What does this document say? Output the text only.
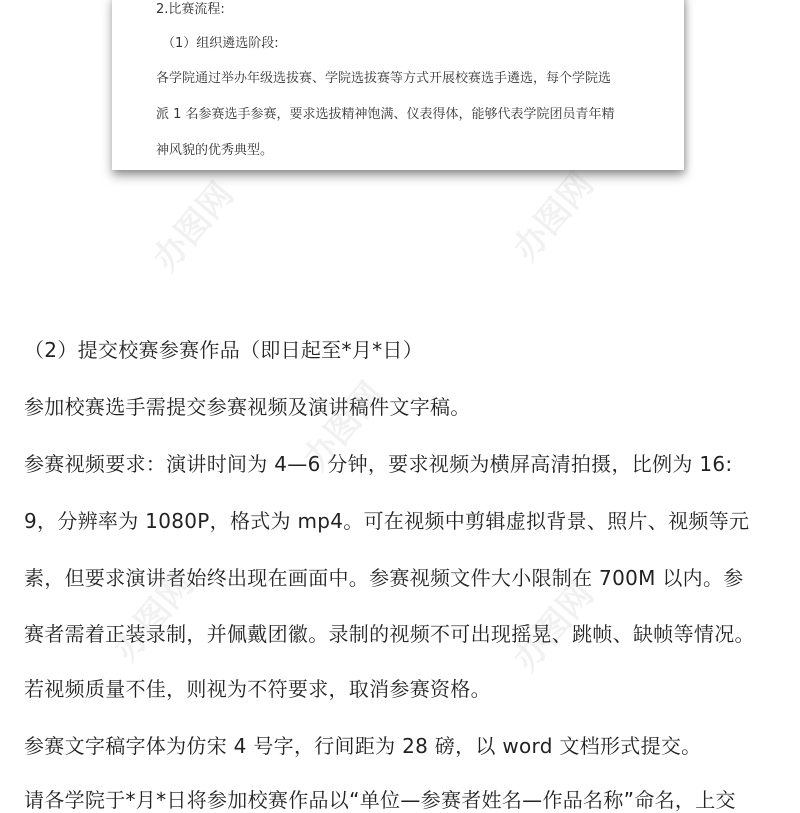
2.比赛流程:

（1）组织遴选阶段:

各学院通过举办年级选拔赛、学院选拔赛等方式开展校赛选手遴选，每个学院选

派 1 名参赛选手参赛，要求选拔精神饱满、仪表得体，能够代表学院团员青年精

神风貌的优秀典型。

（2）提交校赛参赛作品（即日起至*月*日）

参加校赛选手需提交参赛视频及演讲稿件文字稿。

参赛视频要求：演讲时间为 4—6 分钟，要求视频为横屏高清拍摄，比例为 16:

9，分辨率为 1080P，格式为 mp4。可在视频中剪辑虚拟背景、照片、视频等元

素，但要求演讲者始终出现在画面中。参赛视频文件大小限制在 700M 以内。参

赛者需着正装录制，并佩戴团徽。录制的视频不可出现摇晃、跳帧、缺帧等情况。

若视频质量不佳，则视为不符要求，取消参赛资格。

参赛文字稿字体为仿宋 4 号字，行间距为 28 磅，以 word 文档形式提交。

请各学院于*月*日将参加校赛作品以“单位—参赛者姓名—作品名称”命名，上交

办图网	办图网
办图网
办图网	办图网
